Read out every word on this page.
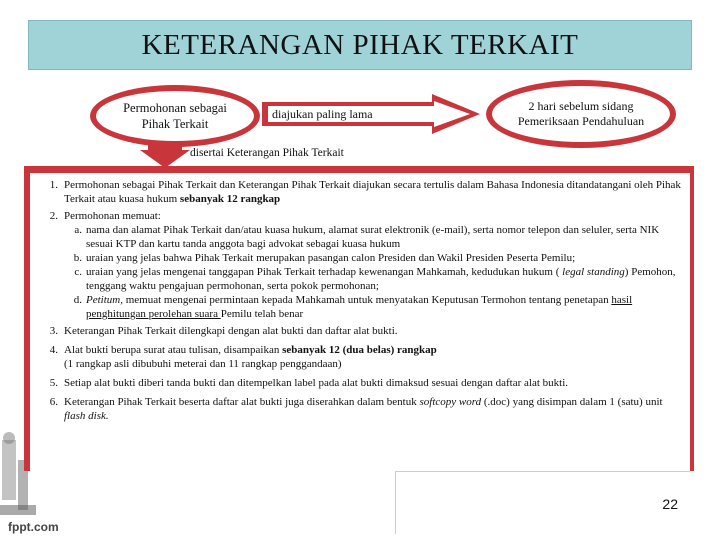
KETERANGAN PIHAK TERKAIT
Permohonan sebagai
Pihak Terkait
diajukan paling lama
2 hari sebelum sidang
Pemeriksaan Pendahuluan
disertai Keterangan Pihak Terkait
1. Permohonan sebagai Pihak Terkait dan Keterangan Pihak Terkait diajukan secara tertulis dalam Bahasa Indonesia ditandatangani oleh Pihak Terkait atau kuasa hukum sebanyak 12 rangkap
2. Permohonan memuat:
a. nama dan alamat Pihak Terkait dan/atau kuasa hukum, alamat surat elektronik (e-mail), serta nomor telepon dan seluler, serta NIK sesuai KTP dan kartu tanda anggota bagi advokat sebagai kuasa hukum
b. uraian yang jelas bahwa Pihak Terkait merupakan pasangan calon Presiden dan Wakil Presiden Peserta Pemilu;
c. uraian yang jelas mengenai tanggapan Pihak Terkait terhadap kewenangan Mahkamah, kedudukan hukum ( legal standing) Pemohon, tenggang waktu pengajuan permohonan, serta pokok permohonan;
d. Petitum, memuat mengenai permintaan kepada Mahkamah untuk menyatakan Keputusan Termohon tentang penetapan hasil penghitungan perolehan suara Pemilu telah benar
3. Keterangan Pihak Terkait dilengkapi dengan alat bukti dan daftar alat bukti.
4. Alat bukti berupa surat atau tulisan, disampaikan sebanyak 12 (dua belas) rangkap
(1 rangkap asli dibubuhi meterai dan 11 rangkap penggandaan)
5. Setiap alat bukti diberi tanda bukti dan ditempelkan label pada alat bukti dimaksud sesuai dengan daftar alat bukti.
6. Keterangan Pihak Terkait beserta daftar alat bukti juga diserahkan dalam bentuk softcopy word (.doc) yang disimpan dalam 1 (satu) unit flash disk.
22
fppt.com
